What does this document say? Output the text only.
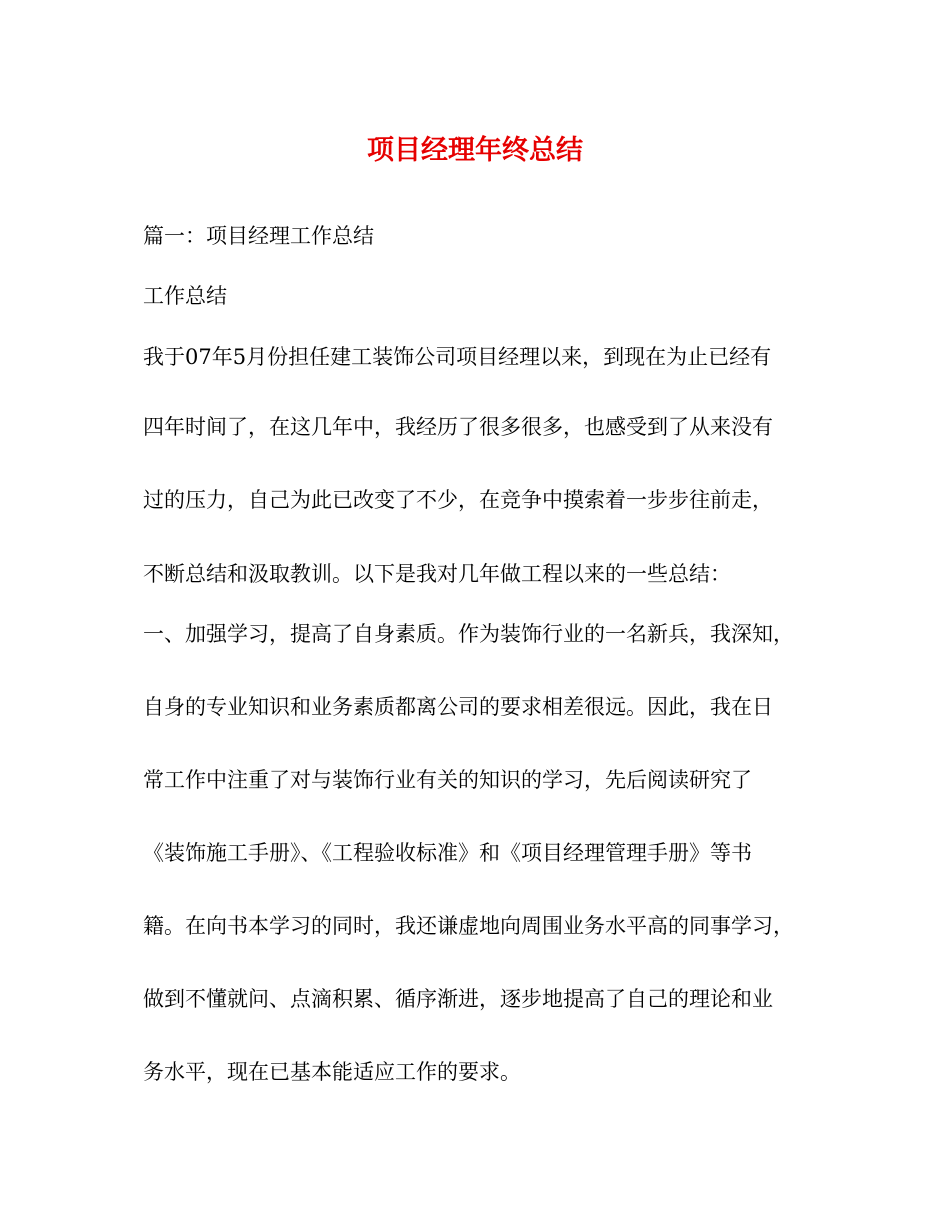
项目经理年终总结

篇一：项目经理工作总结

工作总结

我于07年5月份担任建工装饰公司项目经理以来，到现在为止已经有

四年时间了，在这几年中，我经历了很多很多，也感受到了从来没有

过的压力，自己为此已改变了不少，在竞争中摸索着一步步往前走，

不断总结和汲取教训。以下是我对几年做工程以来的一些总结：

一、加强学习，提高了自身素质。作为装饰行业的一名新兵，我深知，

自身的专业知识和业务素质都离公司的要求相差很远。因此，我在日

常工作中注重了对与装饰行业有关的知识的学习，先后阅读研究了

《装饰施工手册》、《工程验收标准》和《项目经理管理手册》等书

籍。在向书本学习的同时，我还谦虚地向周围业务水平高的同事学习，

做到不懂就问、点滴积累、循序渐进，逐步地提高了自己的理论和业

务水平，现在已基本能适应工作的要求。
